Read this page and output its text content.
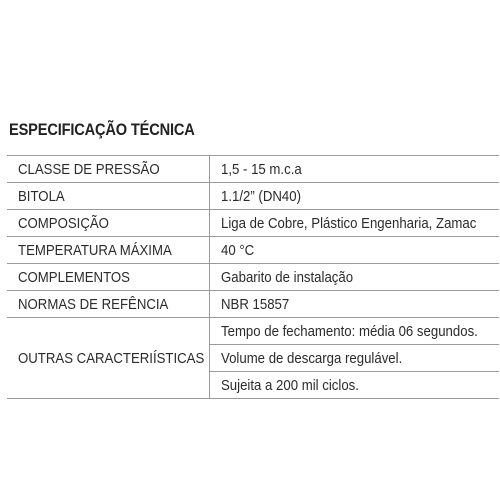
ESPECIFICAÇÃO TÉCNICA
CLASSE DE PRESSÃO	1,5 - 15 m.c.a
BITOLA	1.1/2” (DN40)
COMPOSIÇÃO	Liga de Cobre, Plástico Engenharia, Zamac
TEMPERATURA MÁXIMA	40 °C
COMPLEMENTOS	Gabarito de instalação
NORMAS DE REFÊNCIA	NBR 15857
OUTRAS CARACTERIÍSTICAS	Tempo de fechamento: média 06 segundos.
	Volume de descarga regulável.
	Sujeita a 200 mil ciclos.
